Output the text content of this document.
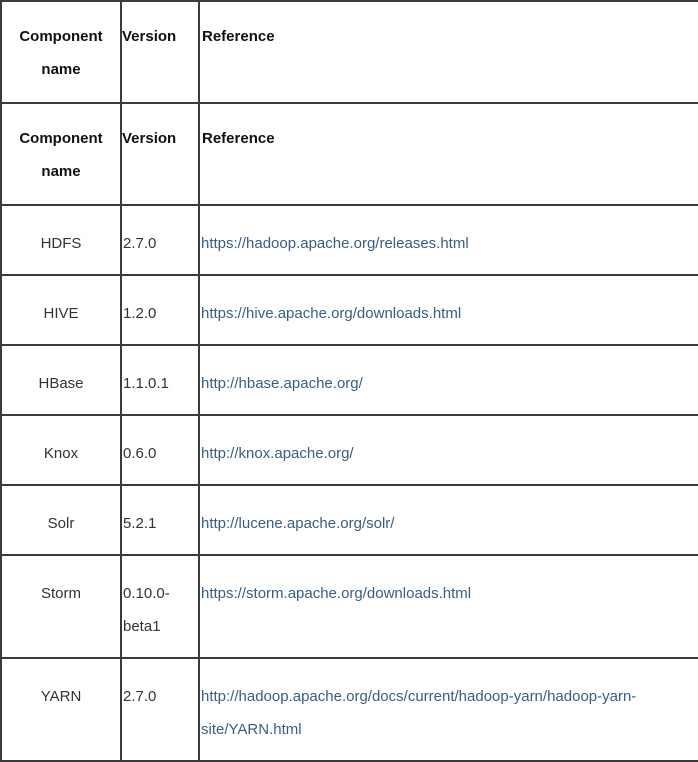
Component name	Version	Reference
Component name	Version	Reference
HDFS	2.7.0	https://hadoop.apache.org/releases.html
HIVE	1.2.0	https://hive.apache.org/downloads.html
HBase	1.1.0.1	http://hbase.apache.org/
Knox	0.6.0	http://knox.apache.org/
Solr	5.2.1	http://lucene.apache.org/solr/
Storm	0.10.0-beta1	https://storm.apache.org/downloads.html
YARN	2.7.0	http://hadoop.apache.org/docs/current/hadoop-yarn/hadoop-yarn-site/YARN.html
